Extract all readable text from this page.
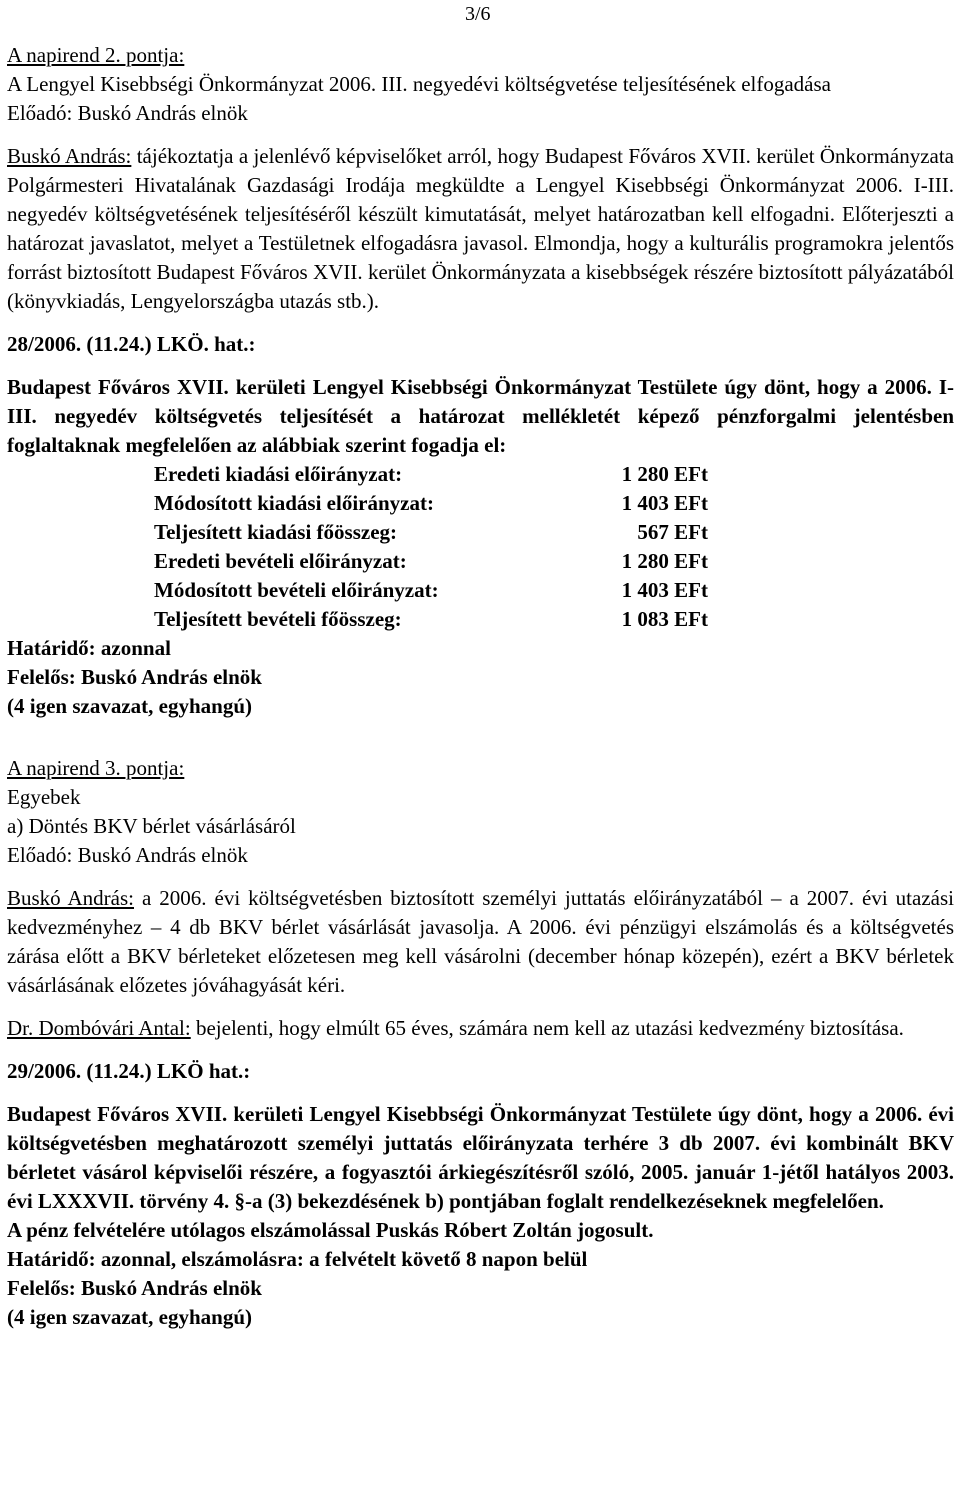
3/6

A napirend 2. pontja:

A Lengyel Kisebbségi Önkormányzat 2006. III. negyedévi költségvetése teljesítésének elfogadása

Előadó: Buskó András elnök

Buskó András: tájékoztatja a jelenlévő képviselőket arról, hogy Budapest Főváros XVII. kerület Önkormányzata Polgármesteri Hivatalának Gazdasági Irodája megküldte a Lengyel Kisebbségi Önkormányzat 2006. I-III. negyedév költségvetésének teljesítéséről készült kimutatását, melyet határozatban kell elfogadni. Előterjeszti a határozat javaslatot, melyet a Testületnek elfogadásra javasol. Elmondja, hogy a kulturális programokra jelentős forrást biztosított Budapest Főváros XVII. kerület Önkormányzata a kisebbségek részére biztosított pályázatából (könyvkiadás, Lengyelországba utazás stb.).

28/2006. (11.24.) LKÖ. hat.:

Budapest Főváros XVII. kerületi Lengyel Kisebbségi Önkormányzat Testülete úgy dönt, hogy a 2006. I-III. negyedév költségvetés teljesítését a határozat mellékletét képező pénzforgalmi jelentésben foglaltaknak megfelelően az alábbiak szerint fogadja el:

Eredeti kiadási előirányzat:	1 280 EFt
Módosított kiadási előirányzat:	1 403 EFt
Teljesített kiadási főösszeg:	567 EFt
Eredeti bevételi előirányzat:	1 280 EFt
Módosított bevételi előirányzat:	1 403 EFt
Teljesített bevételi főösszeg:	1 083 EFt

Határidő: azonnal

Felelős: Buskó András elnök

(4 igen szavazat, egyhangú)

A napirend 3. pontja:

Egyebek

a) Döntés BKV bérlet vásárlásáról

Előadó: Buskó András elnök

Buskó András: a 2006. évi költségvetésben biztosított személyi juttatás előirányzatából – a 2007. évi utazási kedvezményhez – 4 db BKV bérlet vásárlását javasolja. A 2006. évi pénzügyi elszámolás és a költségvetés zárása előtt a BKV bérleteket előzetesen meg kell vásárolni (december hónap közepén), ezért a BKV bérletek vásárlásának előzetes jóváhagyását kéri.

Dr. Dombóvári Antal: bejelenti, hogy elmúlt 65 éves, számára nem kell az utazási kedvezmény biztosítása.

29/2006. (11.24.) LKÖ hat.:

Budapest Főváros XVII. kerületi Lengyel Kisebbségi Önkormányzat Testülete úgy dönt, hogy a 2006. évi költségvetésben meghatározott személyi juttatás előirányzata terhére 3 db 2007. évi kombinált BKV bérletet vásárol képviselői részére, a fogyasztói árkiegészítésről szóló, 2005. január 1-jétől hatályos 2003. évi LXXXVII. törvény 4. §-a (3) bekezdésének b) pontjában foglalt rendelkezéseknek megfelelően.

A pénz felvételére utólagos elszámolással Puskás Róbert Zoltán jogosult.

Határidő: azonnal, elszámolásra: a felvételt követő 8 napon belül

Felelős: Buskó András elnök

(4 igen szavazat, egyhangú)
